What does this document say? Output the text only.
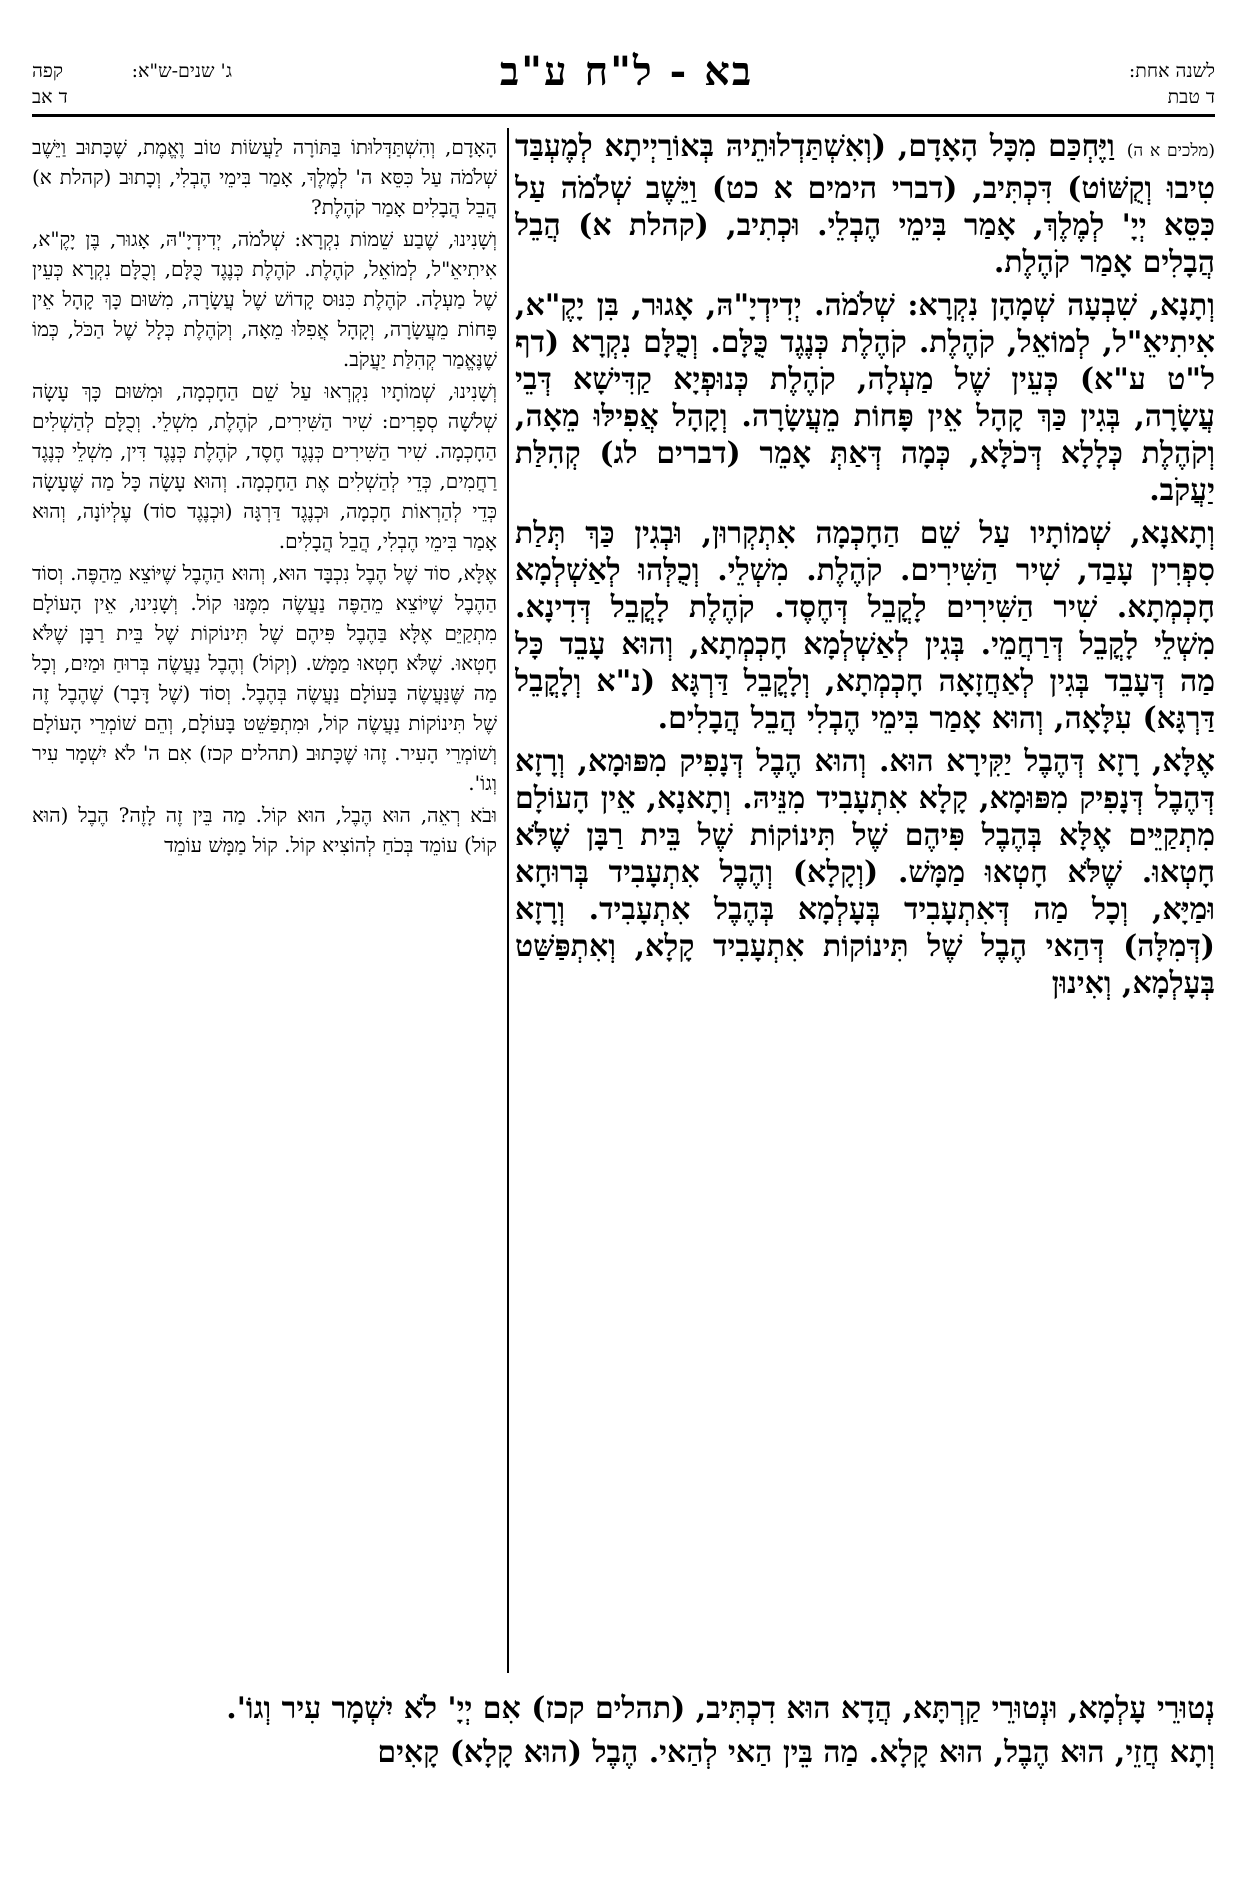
לשנה אחת:
ד טבת
בא - ל"ח ע"ב
ג' שנים-ש"א:
קפה
ד אב

(מלכים א ה) וַיֶּחְכַּם מִכָּל הָאָדָם, (וְאִשְׁתַּדְלוּתֵיהּ בְּאוֹרַיְיתָא לְמֶעְבַּד טִיבוּ וְקֻשּׁוֹט) דִּכְתִּיב, (דברי הימים א כט) וַיֵּשֶׁב שְׁלֹמֹה עַל כִּסֵּא יְיָ' לְמֶלֶךְ, אָמַר בִּימֵי הֶבְלֵי. וּכְתִיב, (קהלת א) הֲבֵל הֲבָלִים אָמַר קֹהֶלֶת.

וְתָנָא, שִׁבְעָה שְׁמָהָן נִקְרָא: שְׁלֹמֹה. יְדִידְיָ"הּ, אָגוּר, בִּן יָקֶ"א, אִיתִיאֵ"ל, לְמוֹאֵל, קֹהֶלֶת. קֹהֶלֶת כְּנֶגֶד כֻּלָּם. וְכֻלָּם נִקְרָא (דף ל"ט ע"א) כְּעֵין שֶׁל מַעְלָה, קֹהֶלֶת כְּנוּפְיָא קַדִּישָׁא דְּבֵי עֲשָׂרָה, בְּגִין כַּךְ קָהָל אֵין פָּחוֹת מֵעֲשָׂרָה. וְקָהָל אֲפִילּוּ מֵאָה, וְקֹהֶלֶת כְּלָלָא דְּכֹלָּא, כְּמָה דְּאַתְּ אָמֵר (דברים לג) קְהִלַּת יַעֲקֹב.

וְתָאנָא, שְׁמוֹתָיו עַל שֵׁם הַחָכְמָה אִתְקְרוּן, וּבְגִין כַּךְ תְּלַת סִפְרִין עָבַד, שִׁיר הַשִּׁירִים. קֹהֶלֶת. מִשְׁלֵי. וְכֻלְּהוּ לְאַשְׁלְמָא חָכְמְתָא. שִׁיר הַשִּׁירִים לָקֳבֵל דְּחֶסֶד. קֹהֶלֶת לָקֳבֵל דְּדִינָא. מִשְׁלֵי לָקֳבֵל דְּרַחֲמֵי. בְּגִין לְאַשְׁלְמָא חָכְמְתָא, וְהוּא עָבֵד כָּל מַה דְּעָבֵד בְּגִין לְאַחֲזָאָה חָכְמְתָא, וְלָקֳבֵל דַּרְגָּא (נ"א וְלָקֳבֵל דַּרְגָּא) עִלָּאָה, וְהוּא אָמַר בִּימֵי הֶבְלִי הֲבֵל הֲבָלִים.

אֶלָּא, רָזָא דְּהֶבֶל יַקִּירָא הוּא. וְהוּא הֶבֶל דְּנָפִיק מִפּוּמָא, וְרָזָא דְּהֶבֶל דְּנָפִיק מִפּוּמָא, קָלָא אִתְעָבִיד מִנֵּיהּ. וְתָאנָא, אֵין הָעוֹלָם מִתְקַיֵּים אֶלָּא בְּהֶבֶל פִּיהֶם שֶׁל תִּינוֹקוֹת שֶׁל בֵּית רַבָּן שֶׁלֹּא חָטְאוּ. שֶׁלֹּא חָטְאוּ מַמָּשׁ. (וְקָלָא) וְהֶבֶל אִתְעָבִיד בְּרוּחָא וּמַיָּא, וְכָל מַה דְּאִתְעָבִיד בְּעָלְמָא בְּהֶבֶל אִתְעָבִיד. וְרָזָא (דְּמִלָּה) דְּהַאי הֶבֶל שֶׁל תִּינוֹקוֹת אִתְעָבִיד קָלָא, וְאִתְפַּשַּׁט בְּעָלְמָא, וְאִינוּן

הָאָדָם, וְהִשְׁתַּדְּלוּתוֹ בַּתּוֹרָה לַעֲשׂוֹת טוֹב וֶאֱמֶת, שֶׁכָּתוּב וַיֵּשֶׁב שְׁלֹמֹה עַל כִּסֵּא ה' לְמֶלֶךְ, אָמַר בִּימֵי הֶבְלִי, וְכָתוּב (קהלת א) הֲבֵל הֲבָלִים אָמַר קֹהֶלֶת?

וְשָׁנִינוּ, שֶׁבַע שֵׁמוֹת נִקְרָא: שְׁלֹמֹה, יְדִידְיָ"הּ, אָגוּר, בֶּן יָקֶ"א, אִיתִיאֵ"ל, לְמוֹאֵל, קֹהֶלֶת. קֹהֶלֶת כְּנֶגֶד כֻּלָּם, וְכֻלָּם נִקְרָא כְּעֵין שֶׁל מַעְלָה. קֹהֶלֶת כִּנּוּס קָדוֹשׁ שֶׁל עֲשָׂרָה, מִשּׁוּם כָּךְ קָהָל אֵין פָּחוֹת מֵעֲשָׂרָה, וְקָהָל אֲפִלּוּ מֵאָה, וְקֹהֶלֶת כְּלָל שֶׁל הַכֹּל, כְּמוֹ שֶׁנֶּאֱמַר קְהִלַּת יַעֲקֹב.

וְשָׁנִינוּ, שְׁמוֹתָיו נִקְרְאוּ עַל שֵׁם הַחָכְמָה, וּמִשּׁוּם כָּךְ עָשָׂה שְׁלֹשָׁה סְפָרִים: שִׁיר הַשִּׁירִים, קֹהֶלֶת, מִשְׁלֵי. וְכֻלָּם לְהַשְׁלִים הַחָכְמָה. שִׁיר הַשִּׁירִים כְּנֶגֶד חֶסֶד, קֹהֶלֶת כְּנֶגֶד דִּין, מִשְׁלֵי כְּנֶגֶד רַחֲמִים, כְּדֵי לְהַשְׁלִים אֶת הַחָכְמָה. וְהוּא עָשָׂה כָּל מַה שֶּׁעָשָׂה כְּדֵי לְהַרְאוֹת חָכְמָה, וּכְנֶגֶד דַּרְגָּה (וּכְנֶגֶד סוֹד) עֶלְיוֹנָה, וְהוּא אָמַר בִּימֵי הֶבְלִי, הֲבֵל הֲבָלִים.

אֶלָּא, סוֹד שֶׁל הֶבֶל נִכְבָּד הוּא, וְהוּא הַהֶבֶל שֶׁיּוֹצֵא מֵהַפֶּה. וְסוֹד הַהֶבֶל שֶׁיּוֹצֵא מֵהַפֶּה נַעֲשֶׂה מִמֶּנּוּ קוֹל. וְשָׁנִינוּ, אֵין הָעוֹלָם מִתְקַיֵּם אֶלָּא בַּהֶבֶל פִּיהֶם שֶׁל תִּינוֹקוֹת שֶׁל בֵּית רַבָּן שֶׁלֹּא חָטְאוּ. שֶׁלֹּא חָטְאוּ מַמָּשׁ. (וְקוֹל) וְהֶבֶל נַעֲשֶׂה בְּרוּחַ וּמַיִם, וְכָל מַה שֶּׁנַּעֲשֶׂה בָּעוֹלָם נַעֲשֶׂה בְּהֶבֶל. וְסוֹד (שֶׁל דָּבָר) שֶׁהֶבֶל זֶה שֶׁל תִּינוֹקוֹת נַעֲשֶׂה קוֹל, וּמִתְפַּשֵּׁט בָּעוֹלָם, וְהֵם שׁוֹמְרֵי הָעוֹלָם וְשׁוֹמְרֵי הָעִיר. זֶהוּ שֶׁכָּתוּב (תהלים קכז) אִם ה' לֹא יִשְׁמָר עִיר וְגוֹ'.

וּבֹא רְאֵה, הוּא הֶבֶל, הוּא קוֹל. מַה בֵּין זֶה לָזֶה? הֶבֶל (הוּא קוֹל) עוֹמֵד בְּכֹחַ לְהוֹצִיא קוֹל. קוֹל מַמָּשׁ עוֹמֵד

נְטוּרֵי עָלְמָא, וּנְטוּרֵי קַרְתָּא, הֲדָא הוּא דִכְתִּיב, (תהלים קכז) אִם יְיָ' לֹא יִשְׁמָר עִיר וְגוֹ'.

וְתָא חֲזֵי, הוּא הֶבֶל, הוּא קָלָא. מַה בֵּין הַאי לְהַאי. הֶבֶל (הוּא קָלָא) קָאִים
